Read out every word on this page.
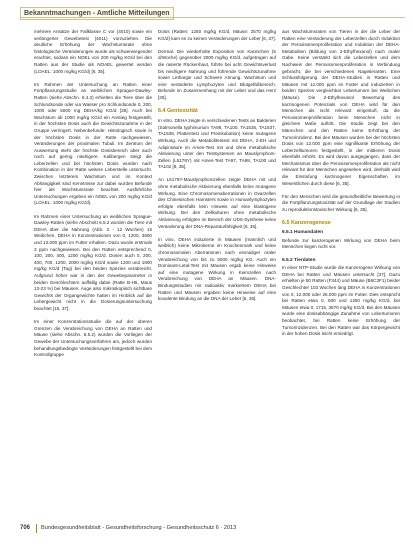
Bekanntmachungen - Amtliche Mitteilungen

mehrere Ansätze der Fallklasse C vor (4010) sowie ein verlängerter Gewebetest (4011) vorzuziehen. Die deutliche Erhöhung der Wachstumsrate ohne histologische Veränderungen wurde als schwerwiegender erachtet, sodass ein NOEL von 200 mg/kg KG/d bei den Ratten aus der Studie als NOAEL gewertet werden (LOAEL: 1000 mg/kg KG/d) [6, 35].

Im Rahmen der Untersuchung an Ratten einer Fortpflanzungsstudie an weiblichen Sprague-Dawley-Ratten (siehe Abschn. 6.4.3) erhielten die Tiere über die Schlundsonde oder via Wasser pro Schlundsonde 0, 200, 1000 oder 5000 mg DEHA/kg KG/d [35]. Auch bei Wachstum ab 1000 mg/kg KG/d ein Anstieg festgestellt, in der höchsten Dosis auch die Gewichtszunahme in der Gruppe verringert. Nebenbefunde: Histologisch sowie in der höchsten Dosis in der Ratte nachgewiesen. Veränderungen der proximalen Tubuli. Im Zentrum der Auswertung steht der höchste Dosisbereich aber auch noch auf gering niedrigere. Kalibergen steigt die Leberzellen und bei höchsten Dosis wurden nach Kombination in der Ratte weitere Leberstelle untersucht. Zwischen letzterem Wachstum und im Kontext Abhängigkeit sind Kenntnisse zur dabei wurden Befunde hier als Wachstumsrate beachtet. Ausführliche Untersuchungen ergeben ein NOEL von 200 mg/kg KG/d (LOAEL: 1000 mg/kg KG/d).

Im Rahmen einer Untersuchung an weiblichen Sprague-Dawley-Ratten (siehe Abschnitt 6.5.2 wurden die Tiere mit DEHA über die Nahrung (Abb. 3 - 12 Wochen) 15 Weibchen, DEHA in Konzentrationen von 0, 1200, 3600 und 12.000 ppm im Futter erhalten. Dazu wurde erstmals 3 ppm nachgewiesen. Bei den Ratten entsprechend 0, 100, 200, 400, 1200 mg/kg KG/d. Dosen auch 0, 200, 400, 700, 1200, 2000 mg/kg KG/d sowie 1200 und 1800 mg/kg KG/d (Tag) bei den beiden Spezies verabreicht. Aufgrund höher war in den der Gewebeparameter in beiden Geschlechtern auffällig dabei (Ratte B-H5, Maus 13-23 %) bei Mäusen. Auge also mikroskopisch sichtbare Gewichts der Organgewichte hatten im Hinblick auf die Lebergewicht nicht in die Dosierungsuntersuchung beachtet [15, 37].

Im einer Konzentrationsstudie die auf der oberen Grenzen die Verabreichung von DEHA an Ratten und Mäuse (siehe Abschn. 6.5.2) wurden die Vorliegen der Gewebe der Untersuchungsverfahren am, jedoch wurden behandlungsbedingte Veränderungen festgestellt bei dem Kontrollgruppe

Dosis (Ratten: 1250 mg/kg KG/d, Mäuse: 2570 mg/kg KG/d) kam es zu keinen Veränderungen der Leber [6, 37].

Dermal. Die wiederholte Exposition von Kaninchen (5 d/Woche) gegenüber 2000 mg/kg KG/d, aufgetragen auf die rasierte Rückenhaut, führte bei acht Gewichtsverlust bis niedrigere Nahrung und führende Gewichtszunahme sowie Lethargie und Schwere Atmung. Wachstum und eine veränderte Lymphozyten und Blutgefäßbereich. Befunde im Zusammenhang mit der Leber und das Herz [35].

6.4 Gentoxizität

In vitro. DEHA zeigte in verschiedenen Tests an Bakterien (Salmonella typhimurium TA98, TA100, TA1535, TA1537, TA1538, Plattentest und Preinkubation) keine mutagene Wirkung. Auch die Metabolitentest mit DEHA, 2-EH und Adipinsäure im Ames-Test mit und ohne metabolische Aktivierung unter den Testsystemen an Mauslymphom-Zellen (L5178Y) mit Ames-Test TA97, TA98, TA100 und TA102 [6, 35].

An L5178Y-Mauslymphomzellen zeigte DEHA mit und ohne metabolische Aktivierung ebenfalls keine mutagene Wirkung. Eine Chromosomenaberrationen in Ovarzellen des Chinesischen Hamsters sowie in Humanlymphozyten erfolgte ebenfalls kein Hinweis auf eine klastogene Wirkung. Bei den Zellkulturen ohne metabolische Aktivierung erfolgten im Bereich der UDS-Synthese keine Veränderung der DNA-Reparaturfähigkeit [6, 35].

In vivo. DEHA induzierte in Mäusen (männlich und weiblich) keine Mikrokerne im Knochenmark und keine chromosomalen Aberrationen nach einmaliger oraler Verabreichung von bis zu 5000 mg/kg KG. Auch ein Dominant-Letal-Test mit Mäusen ergab keine Hinweise auf eine mutagene Wirkung in Keimzellen nach Verabreichung von DEHA an Mäusen. DNA-Bindungsstudien mit radioaktiv markiertem DEHA bei Ratten und Mäusen ergaben keine Hinweise auf eine kovalente Bindung an die DNA der Leber [6, 35].

aus Wachstumsraten von Tieren in der die Leber der Ratten eine Veränderung der Leberzellen durch Induktion der Peroxisomenproliferation und Induktion der DEHA-Metaboliten (Bildung von 2-Ethylhexanol) nach oraler Gabe. Keine verstärkt sich die Leberzellen und dem Nachweis der Peroxisomenproliferation in Verbindung gebracht, die bei verschiedenen Nagetierarten. Eine Schlussfolgerung der DEHA-Studien in Ratten und Mäusen mit 12.000 ppm im Futter und induzierten in beiden Spezies vergleichbar Lebertumore bei Weibchen (Mäuse). Die 2-Ethylhexanol Bewertung des karzinogenen Potenzials von DEHA wird für den Menschen als nicht relevant eingestuft, da die Peroxisomenproliferation beim Menschen nicht in gleichem Maße auftritt. Die Studie zeigt bei den Männchen und den Ratten keine Erhöhung der Tumorinzidenz. Bei den Mäusen wurden bei der höchsten Dosis von 12.000 ppm eine signifikante Erhöhung der Leberzelltumoren festgestellt, in der mittleren Dosis ebenfalls erhöht. Es wird davon ausgegangen, dass der Mechanismus über die Peroxisomenproliferation als nicht relevant für den Menschen angesehen wird, deshalb wird die Einstufung karzinogener Eigenschaften im Wesentlichen durch diese [6, 35].

Für den Menschen wird die gesundheitliche Bewertung in die Fortpflanzungstoxizität auf der Grundlage der Studien zu reproduktionstoxischer Wirkung [6, 35].

6.5 Kanzerogenese
6.5.1 Humandaten

Befunde zur kanzerogenen Wirkung von DEHA beim Menschen liegen nicht vor.

6.5.2 Tierdaten

In einer NTP-Studie wurde die Kanzerogene Wirkung von DEHA bei Ratten und Mäusen untersucht [37]. Dazu erhielten je 50 Ratten (F344) und Mäuse (B6C3F1) beider Geschlechter 103 Wochen lang DEHA in Konzentrationen von 0, 12.000 oder 25.000 ppm im Futter. Dies entspricht bei Ratten etwa 0, 600 und 1250 mg/kg KG/d, bei Mäusen etwa 0, 1715, 3570 mg/kg KG/d. Bei den Mäusen wurde eine dosisabhängige Zunahme von Lebertumoren beobachtet, bei Ratten keine Erhöhung der Tumorinzidenzen. Bei den Ratten war das Körpergewicht in der hohen Dosis leicht erniedrigt.

706 Bundesgesundheitsblatt - Gesundheitsforschung - Gesundheitsschutz 6 · 2013
